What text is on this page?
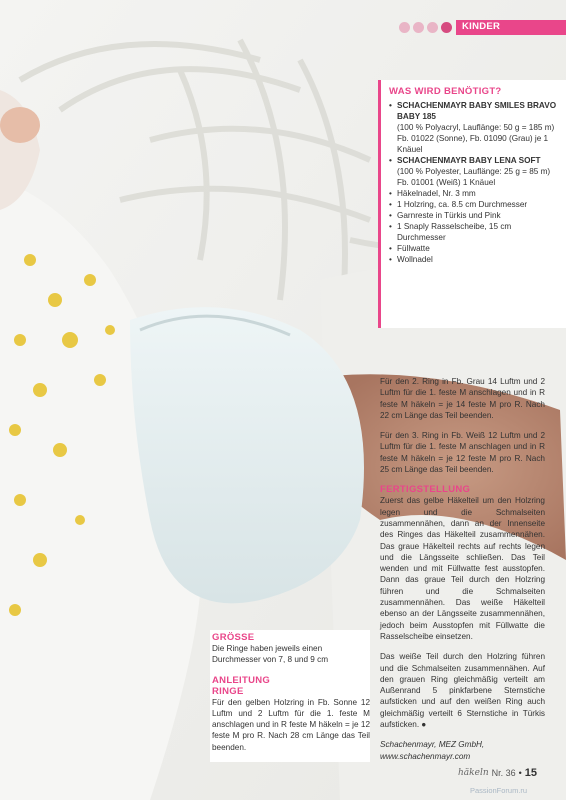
KINDER
WAS WIRD BENÖTIGT?
• SCHACHENMAYR BABY SMILES BRAVO BABY 185
(100 % Polyacryl, Lauflänge: 50 g = 185 m) Fb. 01022 (Sonne), Fb. 01090 (Grau) je 1 Knäuel
• SCHACHENMAYR BABY LENA SOFT
(100 % Polyester, Lauflänge: 25 g = 85 m) Fb. 01001 (Weiß) 1 Knäuel
• Häkelnadel, Nr. 3 mm
• 1 Holzring, ca. 8.5 cm Durchmesser
• Garnreste in Türkis und Pink
• 1 Snaply Rasselscheibe, 15 cm Durchmesser
• Füllwatte
• Wollnadel
GRÖSSE

Die Ringe haben jeweils einen Durchmesser von 7, 8 und 9 cm

ANLEITUNG
RINGE

Für den gelben Holzring in Fb. Sonne 12 Luftm und 2 Luftm für die 1. feste M anschlagen und in R feste M häkeln = je 12 feste M pro R. Nach 28 cm Länge das Teil beenden.

Für den 2. Ring in Fb. Grau 14 Luftm und 2 Luftm für die 1. feste M anschlagen und in R feste M häkeln = je 14 feste M pro R. Nach 22 cm Länge das Teil beenden.

Für den 3. Ring in Fb. Weiß 12 Luftm und 2 Luftm für die 1. feste M anschlagen und in R feste M häkeln = je 12 feste M pro R. Nach 25 cm Länge das Teil beenden.

FERTIGSTELLUNG

Zuerst das gelbe Häkelteil um den Holzring legen und die Schmalseiten zusammennähen, dann an der Innenseite des Ringes das Häkelteil zusammennähen. Das graue Häkelteil rechts auf rechts legen und die Längsseite schließen. Das Teil wenden und mit Füllwatte fest ausstopfen. Dann das graue Teil durch den Holzring führen und die Schmalseiten zusammennähen. Das weiße Häkelteil ebenso an der Längsseite zusammennähen, jedoch beim Ausstopfen mit Füllwatte die Rasselscheibe einsetzen.

Das weiße Teil durch den Holzring führen und die Schmalseiten zusammennähen. Auf den grauen Ring gleichmäßig verteilt am Außenrand 5 pinkfarbene Sternstiche aufsticken und auf den weißen Ring auch gleichmäßig verteilt 6 Sternstiche in Türkis aufsticken. ●

Schachenmayr, MEZ GmbH,
www.schachenmayr.com
häkeln Nr. 36 • 15
PassionForum.ru
